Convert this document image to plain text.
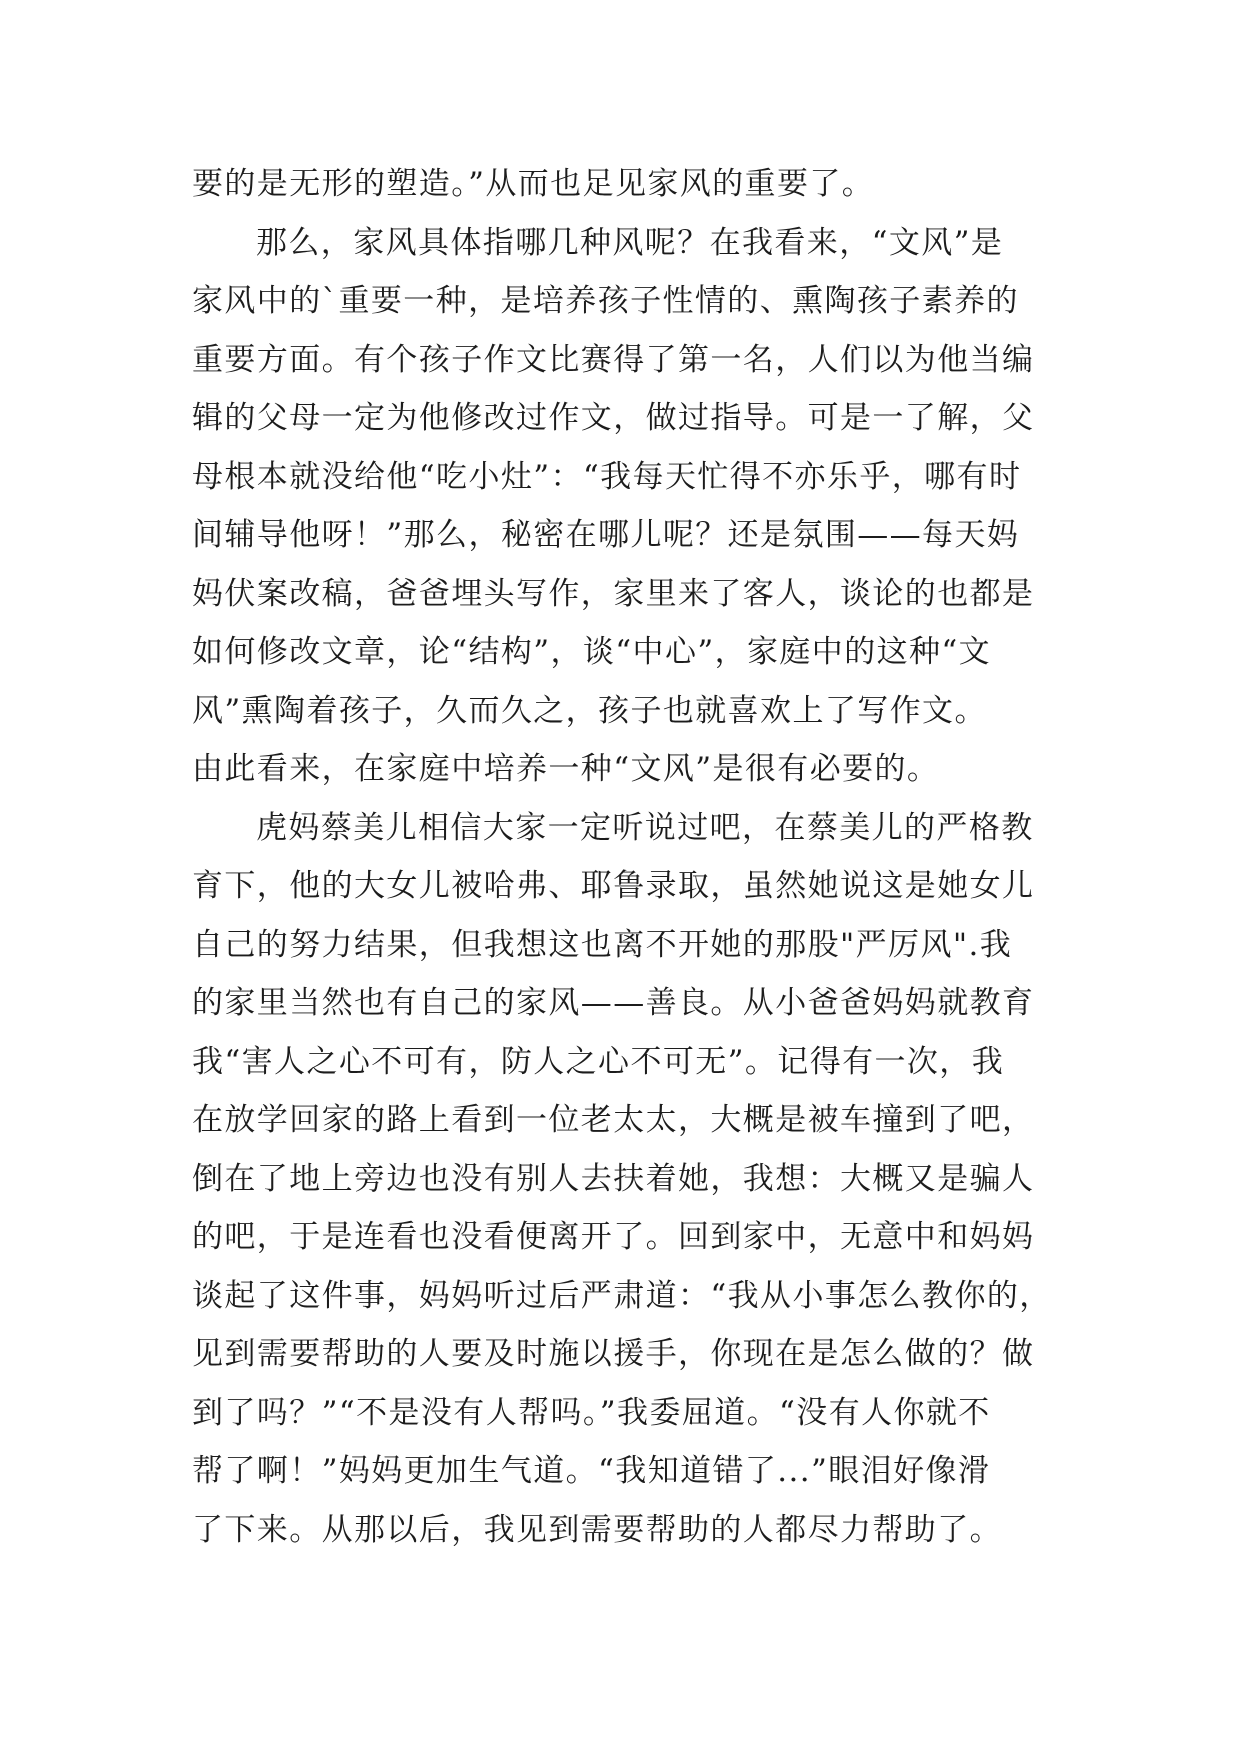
要的是无形的塑造。”从而也足见家风的重要了。
那么，家风具体指哪几种风呢？在我看来，“文风”是
家风中的`重要一种，是培养孩子性情的、熏陶孩子素养的
重要方面。有个孩子作文比赛得了第一名，人们以为他当编
辑的父母一定为他修改过作文，做过指导。可是一了解，父
母根本就没给他“吃小灶”：“我每天忙得不亦乐乎，哪有时
间辅导他呀！”那么，秘密在哪儿呢？还是氛围——每天妈
妈伏案改稿，爸爸埋头写作，家里来了客人，谈论的也都是
如何修改文章，论“结构”，谈“中心”，家庭中的这种“文
风”熏陶着孩子，久而久之，孩子也就喜欢上了写作文。
由此看来，在家庭中培养一种“文风”是很有必要的。
虎妈蔡美儿相信大家一定听说过吧，在蔡美儿的严格教
育下，他的大女儿被哈弗、耶鲁录取，虽然她说这是她女儿
自己的努力结果，但我想这也离不开她的那股"严厉风".我
的家里当然也有自己的家风——善良。从小爸爸妈妈就教育
我“害人之心不可有，防人之心不可无”。记得有一次，我
在放学回家的路上看到一位老太太，大概是被车撞到了吧，
倒在了地上旁边也没有别人去扶着她，我想：大概又是骗人
的吧，于是连看也没看便离开了。回到家中，无意中和妈妈
谈起了这件事，妈妈听过后严肃道：“我从小事怎么教你的，
见到需要帮助的人要及时施以援手，你现在是怎么做的？做
到了吗？”“不是没有人帮吗。”我委屈道。“没有人你就不
帮了啊！”妈妈更加生气道。“我知道错了...”眼泪好像滑
了下来。从那以后，我见到需要帮助的人都尽力帮助了。
